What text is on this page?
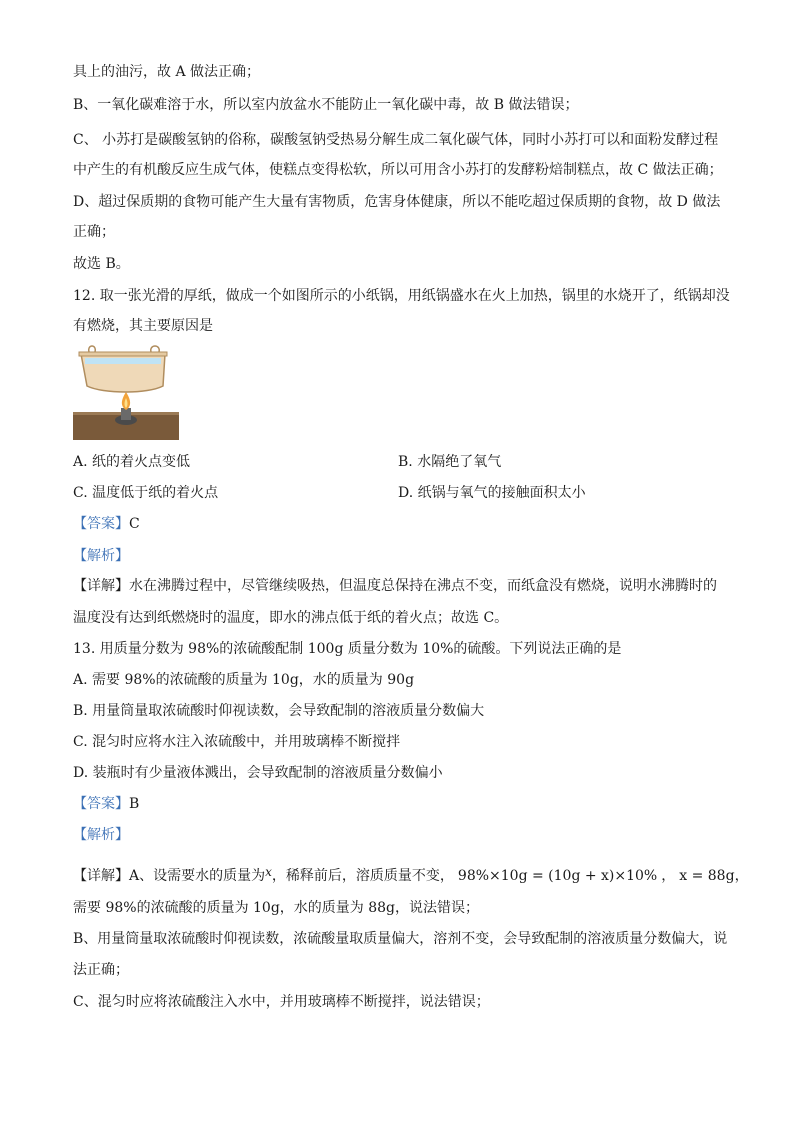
具上的油污，故 A 做法正确；
B、一氧化碳难溶于水，所以室内放盆水不能防止一氧化碳中毒，故 B 做法错误；
C、 小苏打是碳酸氢钠的俗称，碳酸氢钠受热易分解生成二氧化碳气体，同时小苏打可以和面粉发酵过程
中产生的有机酸反应生成气体，使糕点变得松软，所以可用含小苏打的发酵粉焙制糕点，故 C 做法正确；
D、超过保质期的食物可能产生大量有害物质，危害身体健康，所以不能吃超过保质期的食物，故 D 做法
正确；
故选 B。
12. 取一张光滑的厚纸，做成一个如图所示的小纸锅，用纸锅盛水在火上加热，锅里的水烧开了，纸锅却没
有燃烧，其主要原因是
A. 纸的着火点变低	B. 水隔绝了氧气
C. 温度低于纸的着火点	D. 纸锅与氧气的接触面积太小
【答案】C
【解析】
【详解】水在沸腾过程中，尽管继续吸热，但温度总保持在沸点不变，而纸盒没有燃烧，说明水沸腾时的
温度没有达到纸燃烧时的温度，即水的沸点低于纸的着火点；故选 C。
13. 用质量分数为 98%的浓硫酸配制 100g 质量分数为 10%的硫酸。下列说法正确的是
A. 需要 98%的浓硫酸的质量为 10g，水的质量为 90g
B. 用量筒量取浓硫酸时仰视读数，会导致配制的溶液质量分数偏大
C. 混匀时应将水注入浓硫酸中，并用玻璃棒不断搅拌
D. 装瓶时有少量液体溅出，会导致配制的溶液质量分数偏小
【答案】B
【解析】
【详解】A、设需要水的质量为x，稀释前后，溶质质量不变， 98%×10g = (10g + x)×10% ， x = 88g，
需要 98%的浓硫酸的质量为 10g，水的质量为 88g，说法错误；
B、用量筒量取浓硫酸时仰视读数，浓硫酸量取质量偏大，溶剂不变，会导致配制的溶液质量分数偏大，说
法正确；
C、混匀时应将浓硫酸注入水中，并用玻璃棒不断搅拌，说法错误；
